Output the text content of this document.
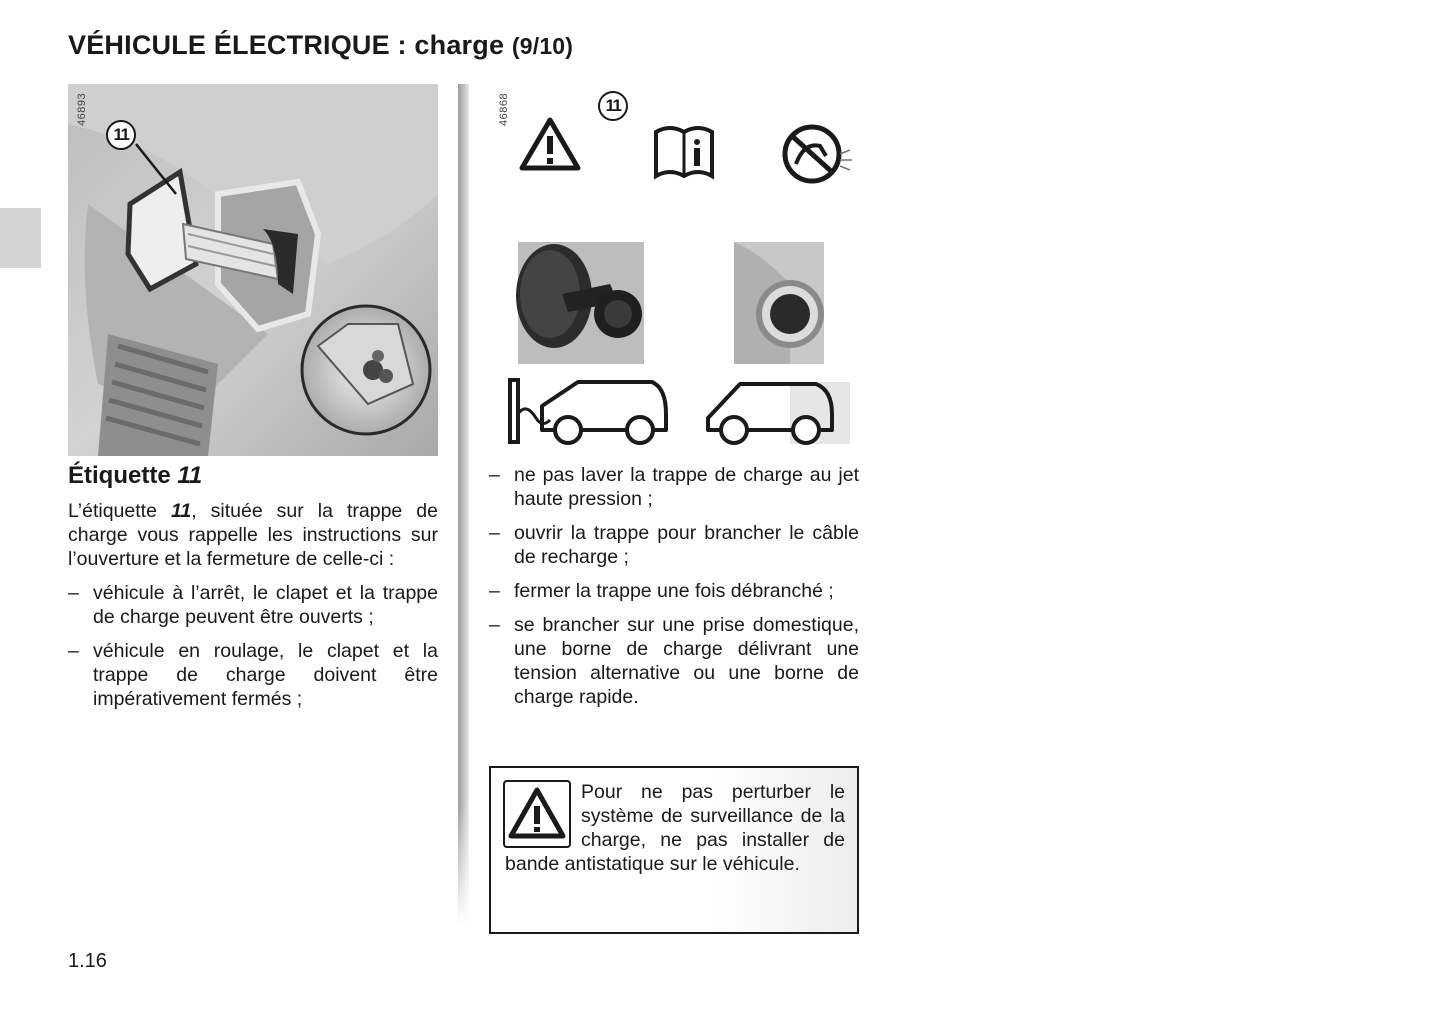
VÉHICULE ÉLECTRIQUE : charge (9/10)
46893
11
46868	11
Étiquette 11

L’étiquette 11, située sur la trappe de charge vous rappelle les instructions sur l’ouverture et la fermeture de celle-ci :

– véhicule à l’arrêt, le clapet et la trappe de charge peuvent être ouverts ;
– véhicule en roulage, le clapet et la trappe de charge doivent être impérativement fermés ;
– ne pas laver la trappe de charge au jet haute pression ;
– ouvrir la trappe pour brancher le câble de recharge ;
– fermer la trappe une fois débranché ;
– se brancher sur une prise domestique, une borne de charge délivrant une tension alternative ou une borne de charge rapide.
Pour ne pas perturber le système de surveillance de la charge, ne pas installer de bande antistatique sur le véhicule.
1.16
